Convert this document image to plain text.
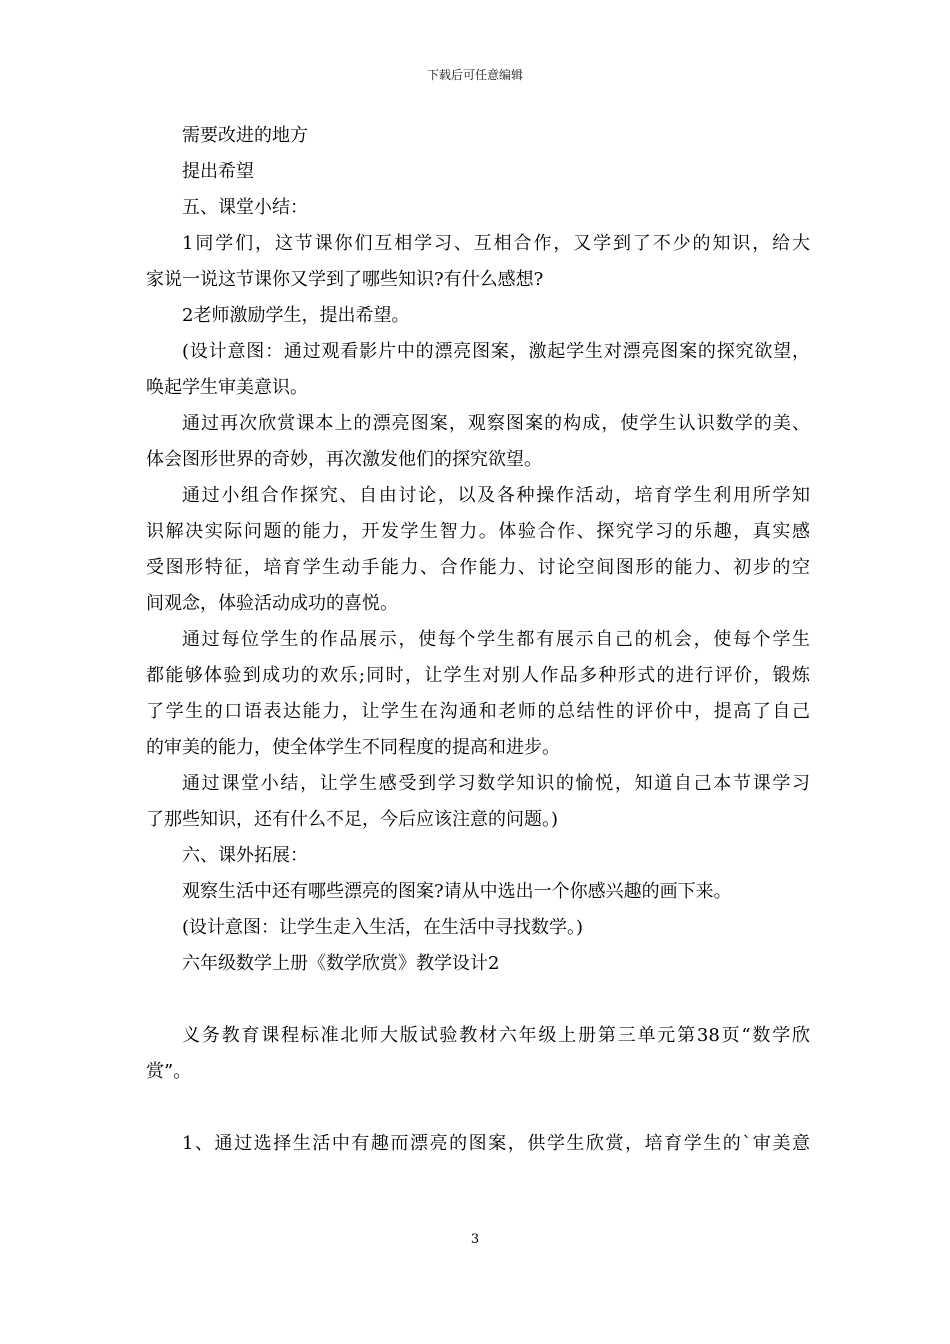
下载后可任意编辑
需要改进的地方
提出希望
五、课堂小结：
1同学们，这节课你们互相学习、互相合作，又学到了不少的知识，给大
家说一说这节课你又学到了哪些知识?有什么感想?
2老师激励学生，提出希望。
(设计意图：通过观看影片中的漂亮图案，激起学生对漂亮图案的探究欲望，
唤起学生审美意识。
通过再次欣赏课本上的漂亮图案，观察图案的构成，使学生认识数学的美、
体会图形世界的奇妙，再次激发他们的探究欲望。
通过小组合作探究、自由讨论，以及各种操作活动，培育学生利用所学知
识解决实际问题的能力，开发学生智力。体验合作、探究学习的乐趣，真实感
受图形特征，培育学生动手能力、合作能力、讨论空间图形的能力、初步的空
间观念，体验活动成功的喜悦。
通过每位学生的作品展示，使每个学生都有展示自己的机会，使每个学生
都能够体验到成功的欢乐;同时，让学生对别人作品多种形式的进行评价，锻炼
了学生的口语表达能力，让学生在沟通和老师的总结性的评价中，提高了自己
的审美的能力，使全体学生不同程度的提高和进步。
通过课堂小结，让学生感受到学习数学知识的愉悦，知道自己本节课学习
了那些知识，还有什么不足，今后应该注意的问题。)
六、课外拓展：
观察生活中还有哪些漂亮的图案?请从中选出一个你感兴趣的画下来。
(设计意图：让学生走入生活，在生活中寻找数学。)
六年级数学上册《数学欣赏》教学设计2
义务教育课程标准北师大版试验教材六年级上册第三单元第38页“数学欣
赏”。
1、通过选择生活中有趣而漂亮的图案，供学生欣赏，培育学生的`审美意
3
